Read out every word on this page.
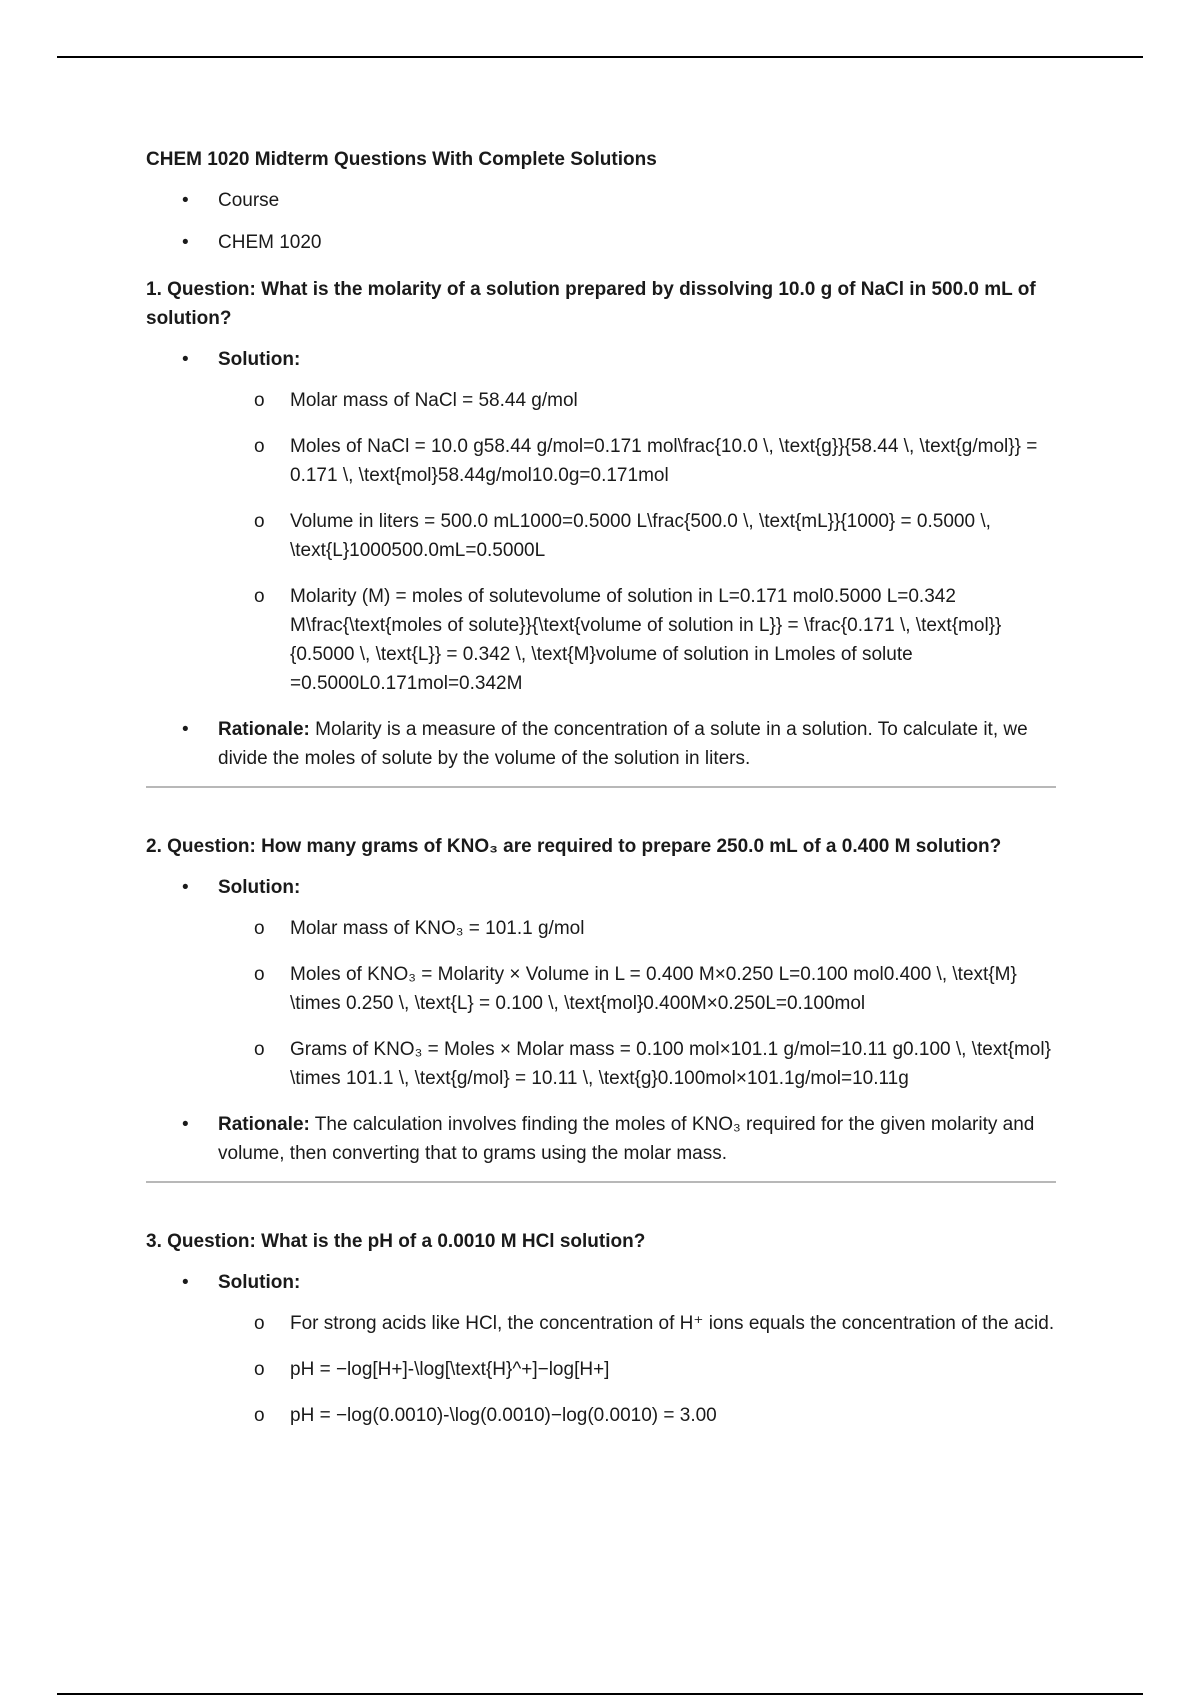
CHEM 1020 Midterm Questions With Complete Solutions
• Course
• CHEM 1020
1. Question: What is the molarity of a solution prepared by dissolving 10.0 g of NaCl in 500.0 mL of solution?
• Solution:
o Molar mass of NaCl = 58.44 g/mol
o Moles of NaCl = 10.0 g58.44 g/mol=0.171 mol\frac{10.0 \, \text{g}}{58.44 \, \text{g/mol}} = 0.171 \, \text{mol}58.44g/mol10.0g=0.171mol
o Volume in liters = 500.0 mL1000=0.5000 L\frac{500.0 \, \text{mL}}{1000} = 0.5000 \, \text{L}1000500.0mL=0.5000L
o Molarity (M) = moles of solutevolume of solution in L=0.171 mol0.5000 L=0.342 M\frac{\text{moles of solute}}{\text{volume of solution in L}} = \frac{0.171 \, \text{mol}}{0.5000 \, \text{L}} = 0.342 \, \text{M}volume of solution in Lmoles of solute =0.5000L0.171mol=0.342M
• Rationale: Molarity is a measure of the concentration of a solute in a solution. To calculate it, we divide the moles of solute by the volume of the solution in liters.
2. Question: How many grams of KNO₃ are required to prepare 250.0 mL of a 0.400 M solution?
• Solution:
o Molar mass of KNO₃ = 101.1 g/mol
o Moles of KNO₃ = Molarity × Volume in L = 0.400 M×0.250 L=0.100 mol0.400 \, \text{M} \times 0.250 \, \text{L} = 0.100 \, \text{mol}0.400M×0.250L=0.100mol
o Grams of KNO₃ = Moles × Molar mass = 0.100 mol×101.1 g/mol=10.11 g0.100 \, \text{mol} \times 101.1 \, \text{g/mol} = 10.11 \, \text{g}0.100mol×101.1g/mol=10.11g
• Rationale: The calculation involves finding the moles of KNO₃ required for the given molarity and volume, then converting that to grams using the molar mass.
3. Question: What is the pH of a 0.0010 M HCl solution?
• Solution:
o For strong acids like HCl, the concentration of H⁺ ions equals the concentration of the acid.
o pH = −log[H+]-\log[\text{H}^+]−log[H+]
o pH = −log(0.0010)-\log(0.0010)−log(0.0010) = 3.00
